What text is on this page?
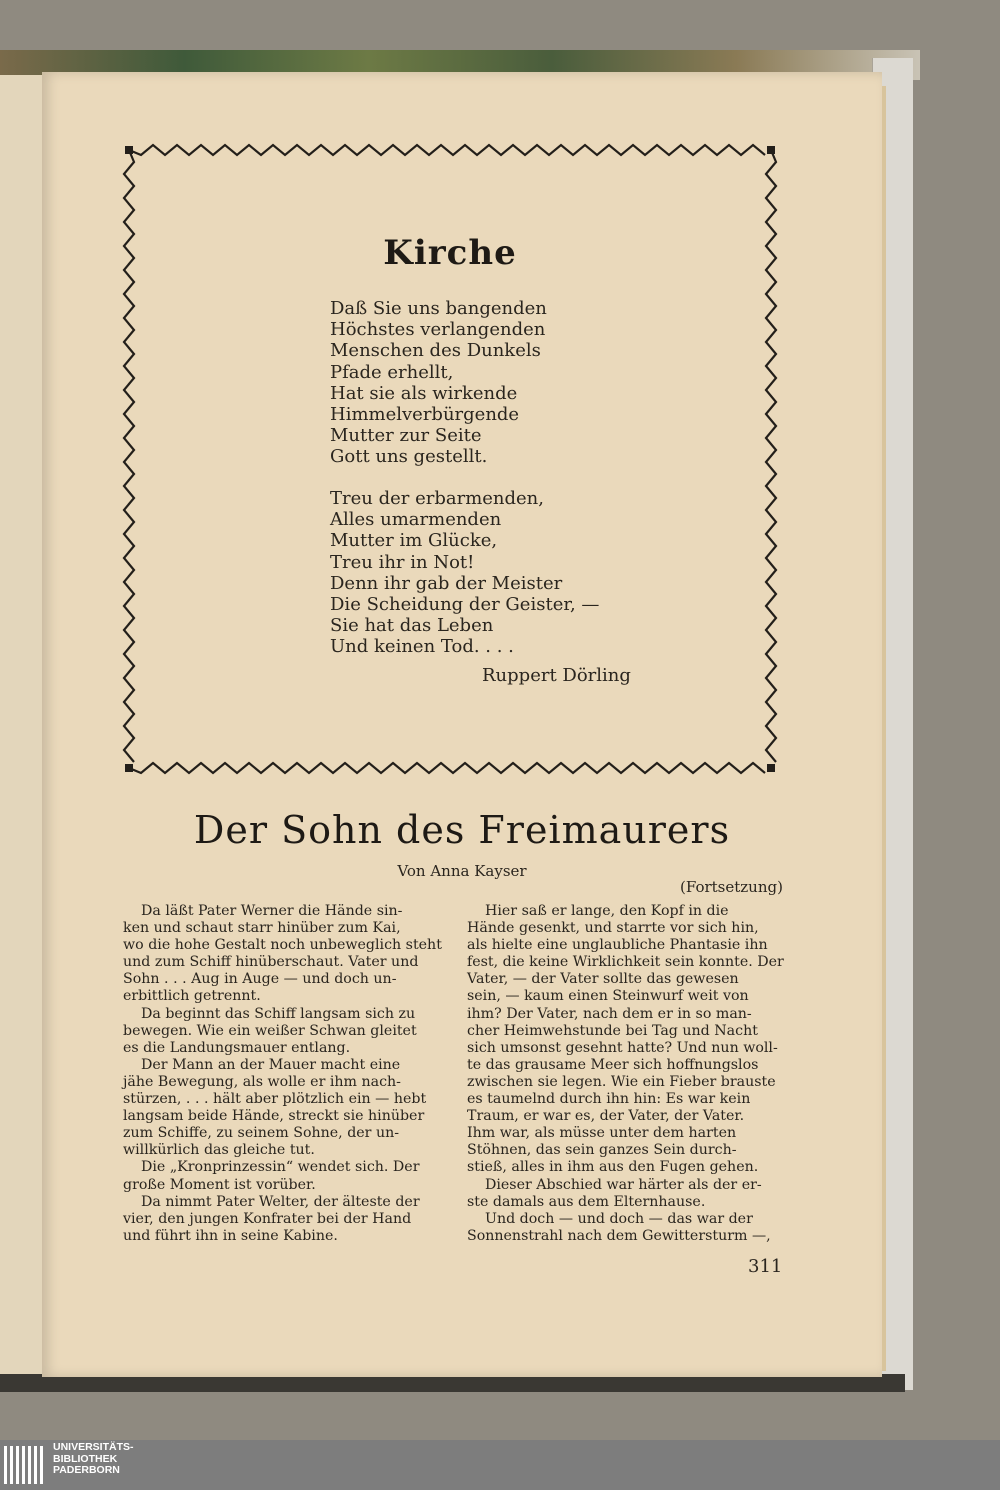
Kirche
Daß Sie uns bangenden
Höchstes verlangenden
Menschen des Dunkels
Pfade erhellt,
Hat sie als wirkende
Himmelverbürgende
Mutter zur Seite
Gott uns gestellt.
Treu der erbarmenden,
Alles umarmenden
Mutter im Glücke,
Treu ihr in Not!
Denn ihr gab der Meister
Die Scheidung der Geister, —
Sie hat das Leben
Und keinen Tod. . . .
Ruppert Dörling
Der Sohn des Freimaurers
Von Anna Kayser
(Fortsetzung)
Da läßt Pater Werner die Hände sin-
ken und schaut starr hinüber zum Kai,
wo die hohe Gestalt noch unbeweglich steht
und zum Schiff hinüberschaut. Vater und
Sohn . . . Aug in Auge — und doch un-
erbittlich getrennt.
Da beginnt das Schiff langsam sich zu
bewegen. Wie ein weißer Schwan gleitet
es die Landungsmauer entlang.
Der Mann an der Mauer macht eine
jähe Bewegung, als wolle er ihm nach-
stürzen, . . . hält aber plötzlich ein — hebt
langsam beide Hände, streckt sie hinüber
zum Schiffe, zu seinem Sohne, der un-
willkürlich das gleiche tut.
Die „Kronprinzessin“ wendet sich. Der
große Moment ist vorüber.
Da nimmt Pater Welter, der älteste der
vier, den jungen Konfrater bei der Hand
und führt ihn in seine Kabine.
Hier saß er lange, den Kopf in die
Hände gesenkt, und starrte vor sich hin,
als hielte eine unglaubliche Phantasie ihn
fest, die keine Wirklichkeit sein konnte. Der
Vater, — der Vater sollte das gewesen
sein, — kaum einen Steinwurf weit von
ihm? Der Vater, nach dem er in so man-
cher Heimwehstunde bei Tag und Nacht
sich umsonst gesehnt hatte? Und nun woll-
te das grausame Meer sich hoffnungslos
zwischen sie legen. Wie ein Fieber brauste
es taumelnd durch ihn hin: Es war kein
Traum, er war es, der Vater, der Vater.
Ihm war, als müsse unter dem harten
Stöhnen, das sein ganzes Sein durch-
stieß, alles in ihm aus den Fugen gehen.
Dieser Abschied war härter als der er-
ste damals aus dem Elternhause.
Und doch — und doch — das war der
Sonnenstrahl nach dem Gewittersturm —,
311
UNIVERSITÄTS-
BIBLIOTHEK
PADERBORN
